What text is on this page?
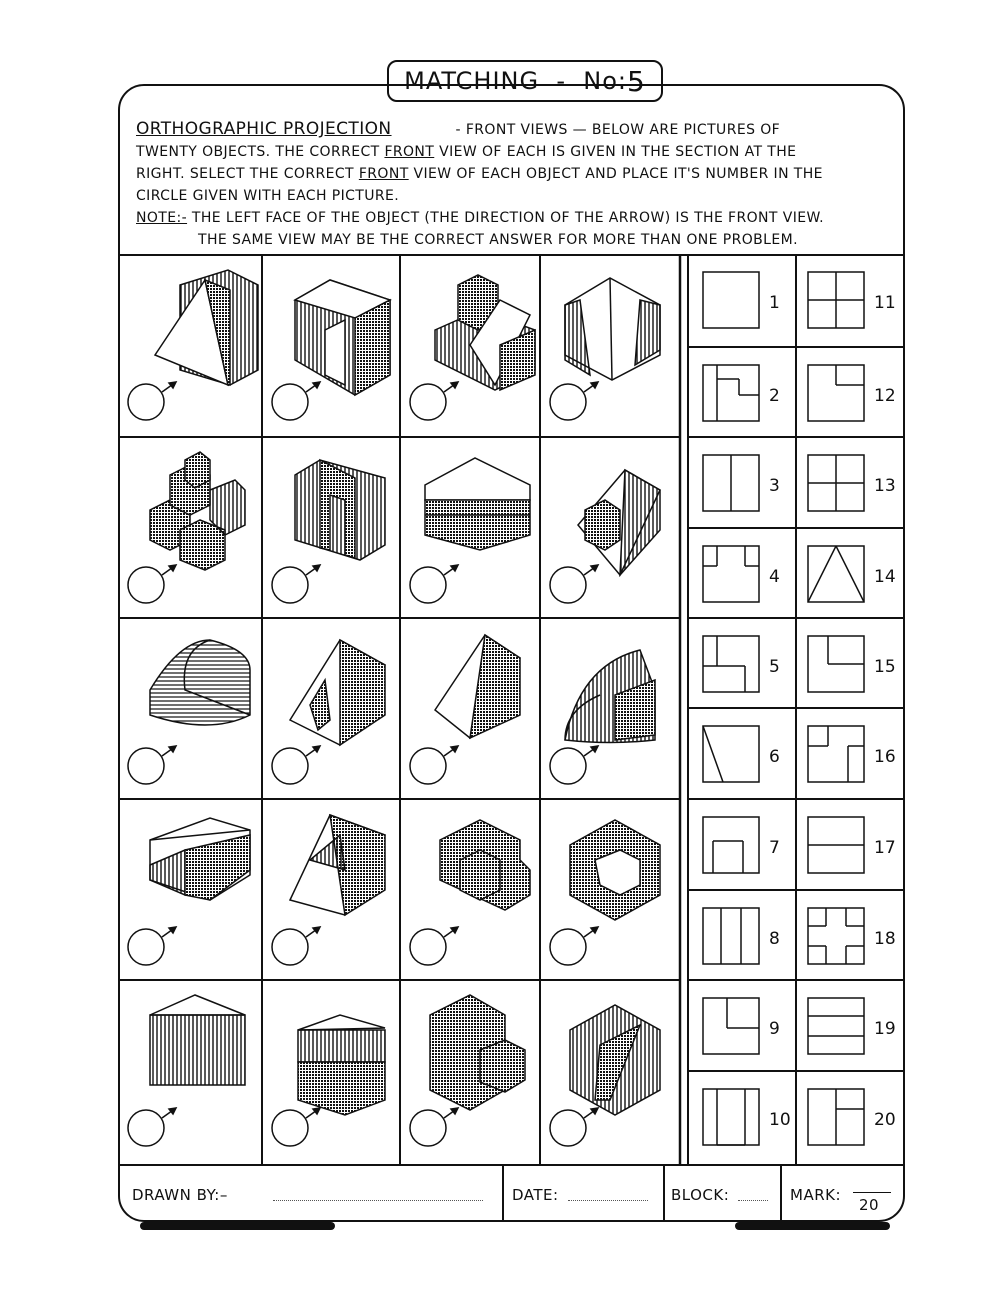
MATCHING
-
No: 5
ORTHOGRAPHIC PROJECTION	- FRONT VIEWS — BELOW ARE PICTURES OF
TWENTY OBJECTS. THE CORRECT FRONT VIEW OF EACH IS GIVEN IN THE SECTION AT THE
RIGHT. SELECT THE CORRECT FRONT VIEW OF EACH OBJECT AND PLACE IT'S NUMBER IN THE
CIRCLE GIVEN WITH EACH PICTURE.
NOTE:- THE LEFT FACE OF THE OBJECT (THE DIRECTION OF THE ARROW) IS THE FRONT VIEW.
THE SAME VIEW MAY BE THE CORRECT ANSWER FOR MORE THAN ONE PROBLEM.
1
2
3
4
5
6
7
8
9
10
11
12
13
14
15
16
17
18
19
20
DRAWN BY:–	DATE:	BLOCK:	MARK:
20
